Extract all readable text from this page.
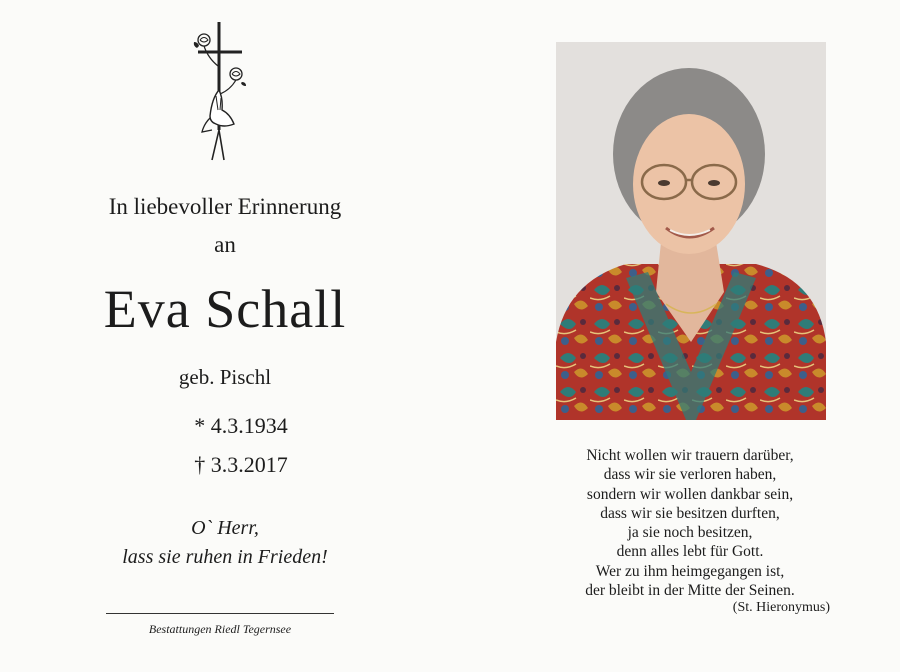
In liebevoller Erinnerung
an
Eva Schall
geb. Pischl
* 4.3.1934
† 3.3.2017
O` Herr,
lass sie ruhen in Frieden!
Bestattungen Riedl Tegernsee
Nicht wollen wir trauern darüber,
dass wir sie verloren haben,
sondern wir wollen dankbar sein,
dass wir sie besitzen durften,
ja sie noch besitzen,
denn alles lebt für Gott.
Wer zu ihm heimgegangen ist,
der bleibt in der Mitte der Seinen.
(St. Hieronymus)
